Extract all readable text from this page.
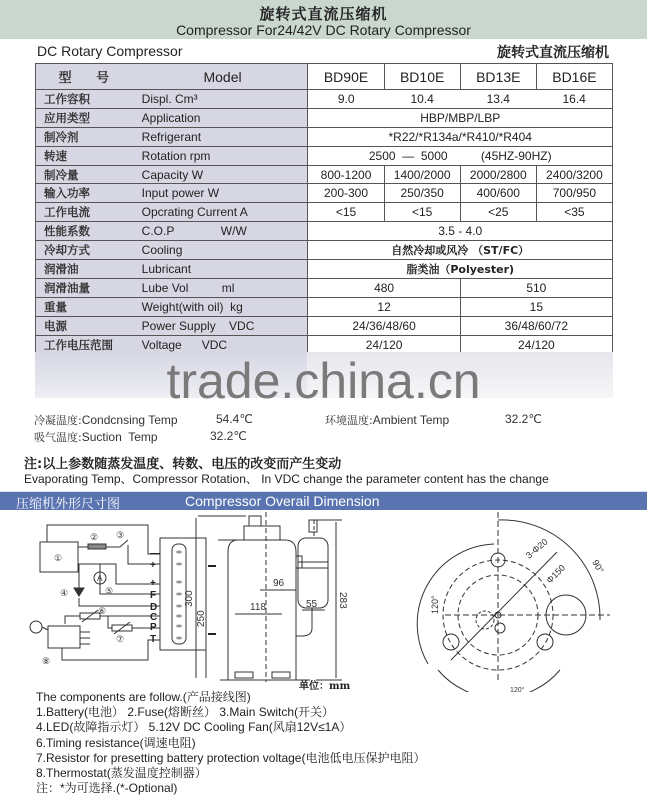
旋转式直流压缩机
Compressor For24/42V DC Rotary Compressor
DC Rotary Compressor	旋转式直流压缩机
型 号	Model	BD90E	BD10E	BD13E	BD16E
工作容积	Displ. Cm³	9.0	10.4	13.4	16.4
应用类型	Application	HBP/MBP/LBP			
制冷剂	Refrigerant	*R22/*R134a/*R410/*R404			
转速	Rotation rpm	2500  —  5000          (45HZ-90HZ)			
制冷量	Capacity W	800-1200	1400/2000	2000/2800	2400/3200
输入功率	Input power W	200-300	250/350	400/600	700/950
工作电流	Opcrating Current A	<15	<15	<25	<35
性能系数	C.O.P              W/W	3.5 - 4.0			
冷却方式	Cooling	自然冷却或风冷 （ST/FC）			
润滑油	Lubricant	脂类油（Polyester)			
润滑油量	Lube Vol          ml	480		510	
重量	Weight(with oil)  kg	12		15	
电源	Power Supply    VDC	24/36/48/60		36/48/60/72	
工作电压范围	Voltage      VDC	24/120		24/120	
trade.china.cn
冷凝温度:Condcnsing Temp	54.4℃	环境温度:Ambient Temp	32.2℃
吸气温度:Suction  Temp	32.2℃
注:以上参数随蒸发温度、转数、电压的改变而产生变动
Evaporating Temp、Compressor Rotation、 In VDC change the parameter content has the change
压缩机外形尺寸图	Compressor Overail Dimension
①
② ③
④	⑤
⑥
⑦
⑧
A
—
+
+
F
D
C
P
T
300
250
283
118
96
55
3-Φ20
Φ150	90°
120°
120°
单位：mm
The components are follow.(产品接线图)
1.Battery(电池） 2.Fuse(熔断丝） 3.Main Switch(开关）
4.LED(故障指示灯） 5.12V DC Cooling Fan(风扇12V≤1A）
6.Timing resistance(调速电阻)
7.Resistor for presetting battery protection voltage(电池低电压保护电阻）
8.Thermostat(蒸发温度控制器）
注：*为可选择.(*-Optional)
